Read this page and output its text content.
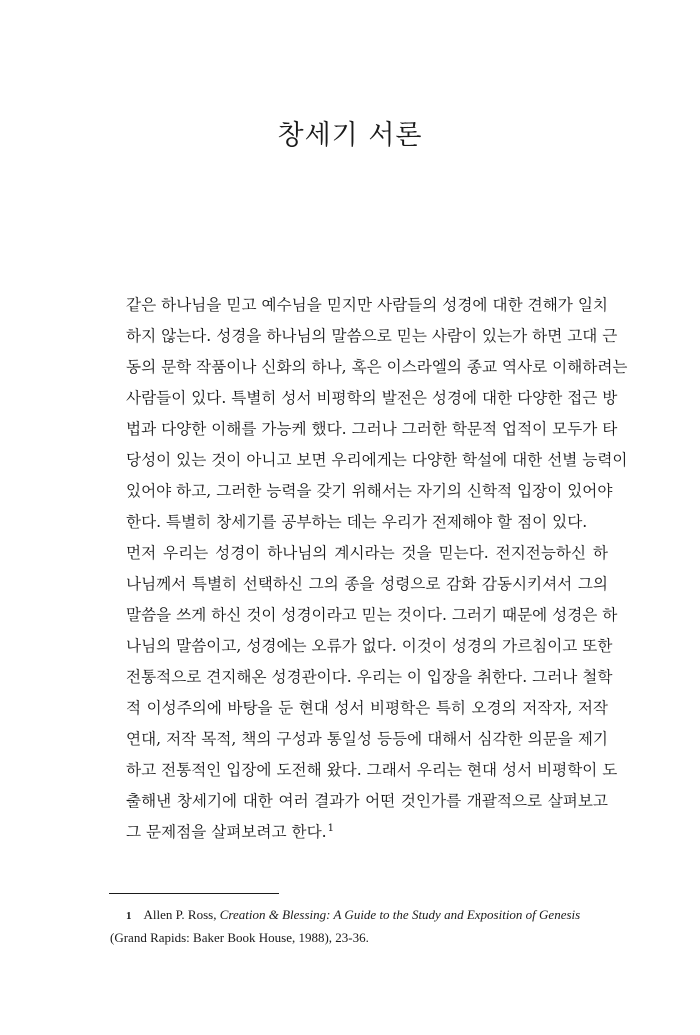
창세기 서론
같은 하나님을 믿고 예수님을 믿지만 사람들의 성경에 대한 견해가 일치
하지 않는다. 성경을 하나님의 말씀으로 믿는 사람이 있는가 하면 고대 근
동의 문학 작품이나 신화의 하나, 혹은 이스라엘의 종교 역사로 이해하려는
사람들이 있다. 특별히 성서 비평학의 발전은 성경에 대한 다양한 접근 방
법과 다양한 이해를 가능케 했다. 그러나 그러한 학문적 업적이 모두가 타
당성이 있는 것이 아니고 보면 우리에게는 다양한 학설에 대한 선별 능력이
있어야 하고, 그러한 능력을 갖기 위해서는 자기의 신학적 입장이 있어야
한다. 특별히 창세기를 공부하는 데는 우리가 전제해야 할 점이 있다.
먼저 우리는 성경이 하나님의 계시라는 것을 믿는다. 전지전능하신 하
나님께서 특별히 선택하신 그의 종을 성령으로 감화 감동시키셔서 그의
말씀을 쓰게 하신 것이 성경이라고 믿는 것이다. 그러기 때문에 성경은 하
나님의 말씀이고, 성경에는 오류가 없다. 이것이 성경의 가르침이고 또한
전통적으로 견지해온 성경관이다. 우리는 이 입장을 취한다. 그러나 철학
적 이성주의에 바탕을 둔 현대 성서 비평학은 특히 오경의 저작자, 저작
연대, 저작 목적, 책의 구성과 통일성 등등에 대해서 심각한 의문을 제기
하고 전통적인 입장에 도전해 왔다. 그래서 우리는 현대 성서 비평학이 도
출해낸 창세기에 대한 여러 결과가 어떤 것인가를 개괄적으로 살펴보고
그 문제점을 살펴보려고 한다.$^1$

1 Allen P. Ross, Creation & Blessing: A Guide to the Study and Exposition of Genesis (Grand Rapids: Baker Book House, 1988), 23-36.
